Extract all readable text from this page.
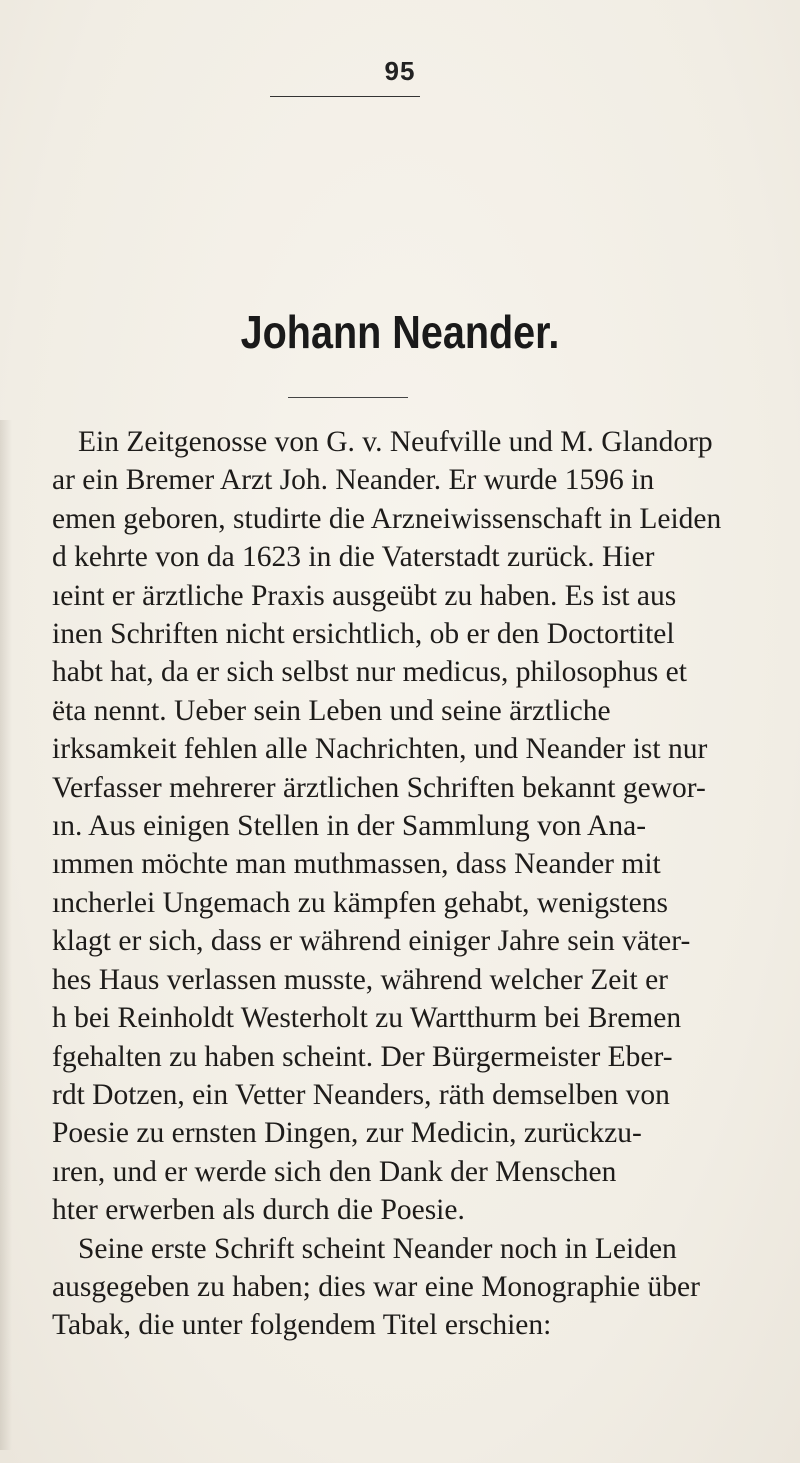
95
Johann Neander.
Ein Zeitgenosse von G. v. Neufville und M. Glandorp
ar ein Bremer Arzt Joh. Neander. Er wurde 1596 in
emen geboren, studirte die Arzneiwissenschaft in Leiden
d kehrte von da 1623 in die Vaterstadt zurück. Hier
ıeint er ärztliche Praxis ausgeübt zu haben. Es ist aus
inen Schriften nicht ersichtlich, ob er den Doctortitel
habt hat, da er sich selbst nur medicus, philosophus et
ëta nennt. Ueber sein Leben und seine ärztliche
irksamkeit fehlen alle Nachrichten, und Neander ist nur
Verfasser mehrerer ärztlichen Schriften bekannt gewor-
ın. Aus einigen Stellen in der Sammlung von Ana-
ımmen möchte man muthmassen, dass Neander mit
ıncherlei Ungemach zu kämpfen gehabt, wenigstens
klagt er sich, dass er während einiger Jahre sein väter-
hes Haus verlassen musste, während welcher Zeit er
h bei Reinholdt Westerholt zu Wartthurm bei Bremen
fgehalten zu haben scheint. Der Bürgermeister Eber-
rdt Dotzen, ein Vetter Neanders, räth demselben von
Poesie zu ernsten Dingen, zur Medicin, zurückzu-
ıren, und er werde sich den Dank der Menschen
hter erwerben als durch die Poesie.
Seine erste Schrift scheint Neander noch in Leiden
ausgegeben zu haben; dies war eine Monographie über
Tabak, die unter folgendem Titel erschien:
